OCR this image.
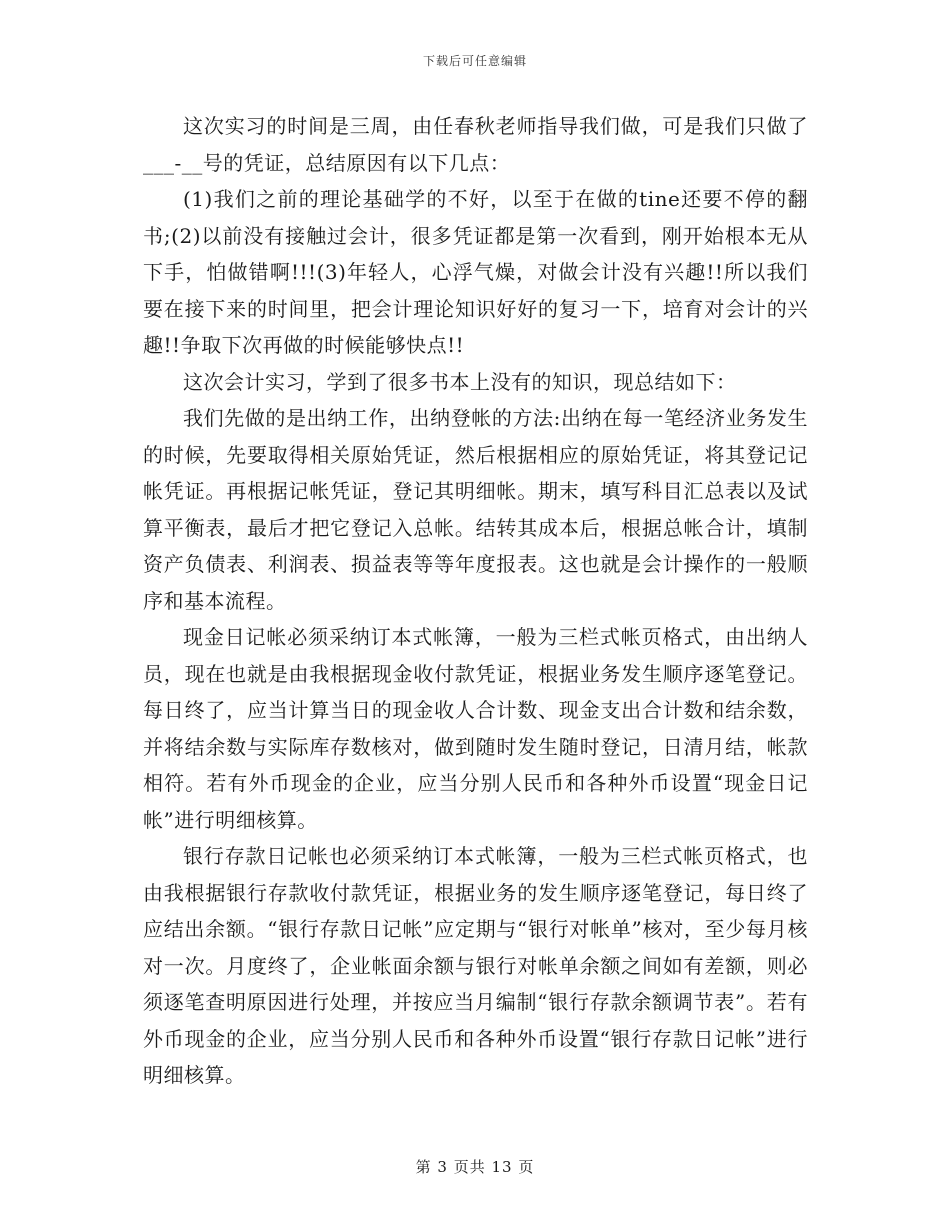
下载后可任意编辑

这次实习的时间是三周，由任春秋老师指导我们做，可是我们只做了___-__号的凭证，总结原因有以下几点：

(1)我们之前的理论基础学的不好，以至于在做的tine还要不停的翻书;(2)以前没有接触过会计，很多凭证都是第一次看到，刚开始根本无从下手，怕做错啊!!!(3)年轻人，心浮气燥，对做会计没有兴趣!!所以我们要在接下来的时间里，把会计理论知识好好的复习一下，培育对会计的兴趣!!争取下次再做的时候能够快点!!

这次会计实习，学到了很多书本上没有的知识，现总结如下：

我们先做的是出纳工作，出纳登帐的方法:出纳在每一笔经济业务发生的时候，先要取得相关原始凭证，然后根据相应的原始凭证，将其登记记帐凭证。再根据记帐凭证，登记其明细帐。期末，填写科目汇总表以及试算平衡表，最后才把它登记入总帐。结转其成本后，根据总帐合计，填制资产负债表、利润表、损益表等等年度报表。这也就是会计操作的一般顺序和基本流程。

现金日记帐必须采纳订本式帐簿，一般为三栏式帐页格式，由出纳人员，现在也就是由我根据现金收付款凭证，根据业务发生顺序逐笔登记。每日终了，应当计算当日的现金收人合计数、现金支出合计数和结余数，并将结余数与实际库存数核对，做到随时发生随时登记，日清月结，帐款相符。若有外币现金的企业，应当分别人民币和各种外币设置“现金日记帐”进行明细核算。

银行存款日记帐也必须采纳订本式帐簿，一般为三栏式帐页格式，也由我根据银行存款收付款凭证，根据业务的发生顺序逐笔登记，每日终了应结出余额。“银行存款日记帐”应定期与“银行对帐单”核对，至少每月核对一次。月度终了，企业帐面余额与银行对帐单余额之间如有差额，则必须逐笔查明原因进行处理，并按应当月编制“银行存款余额调节表”。若有外币现金的企业，应当分别人民币和各种外币设置“银行存款日记帐”进行明细核算。

第 3 页共 13 页
